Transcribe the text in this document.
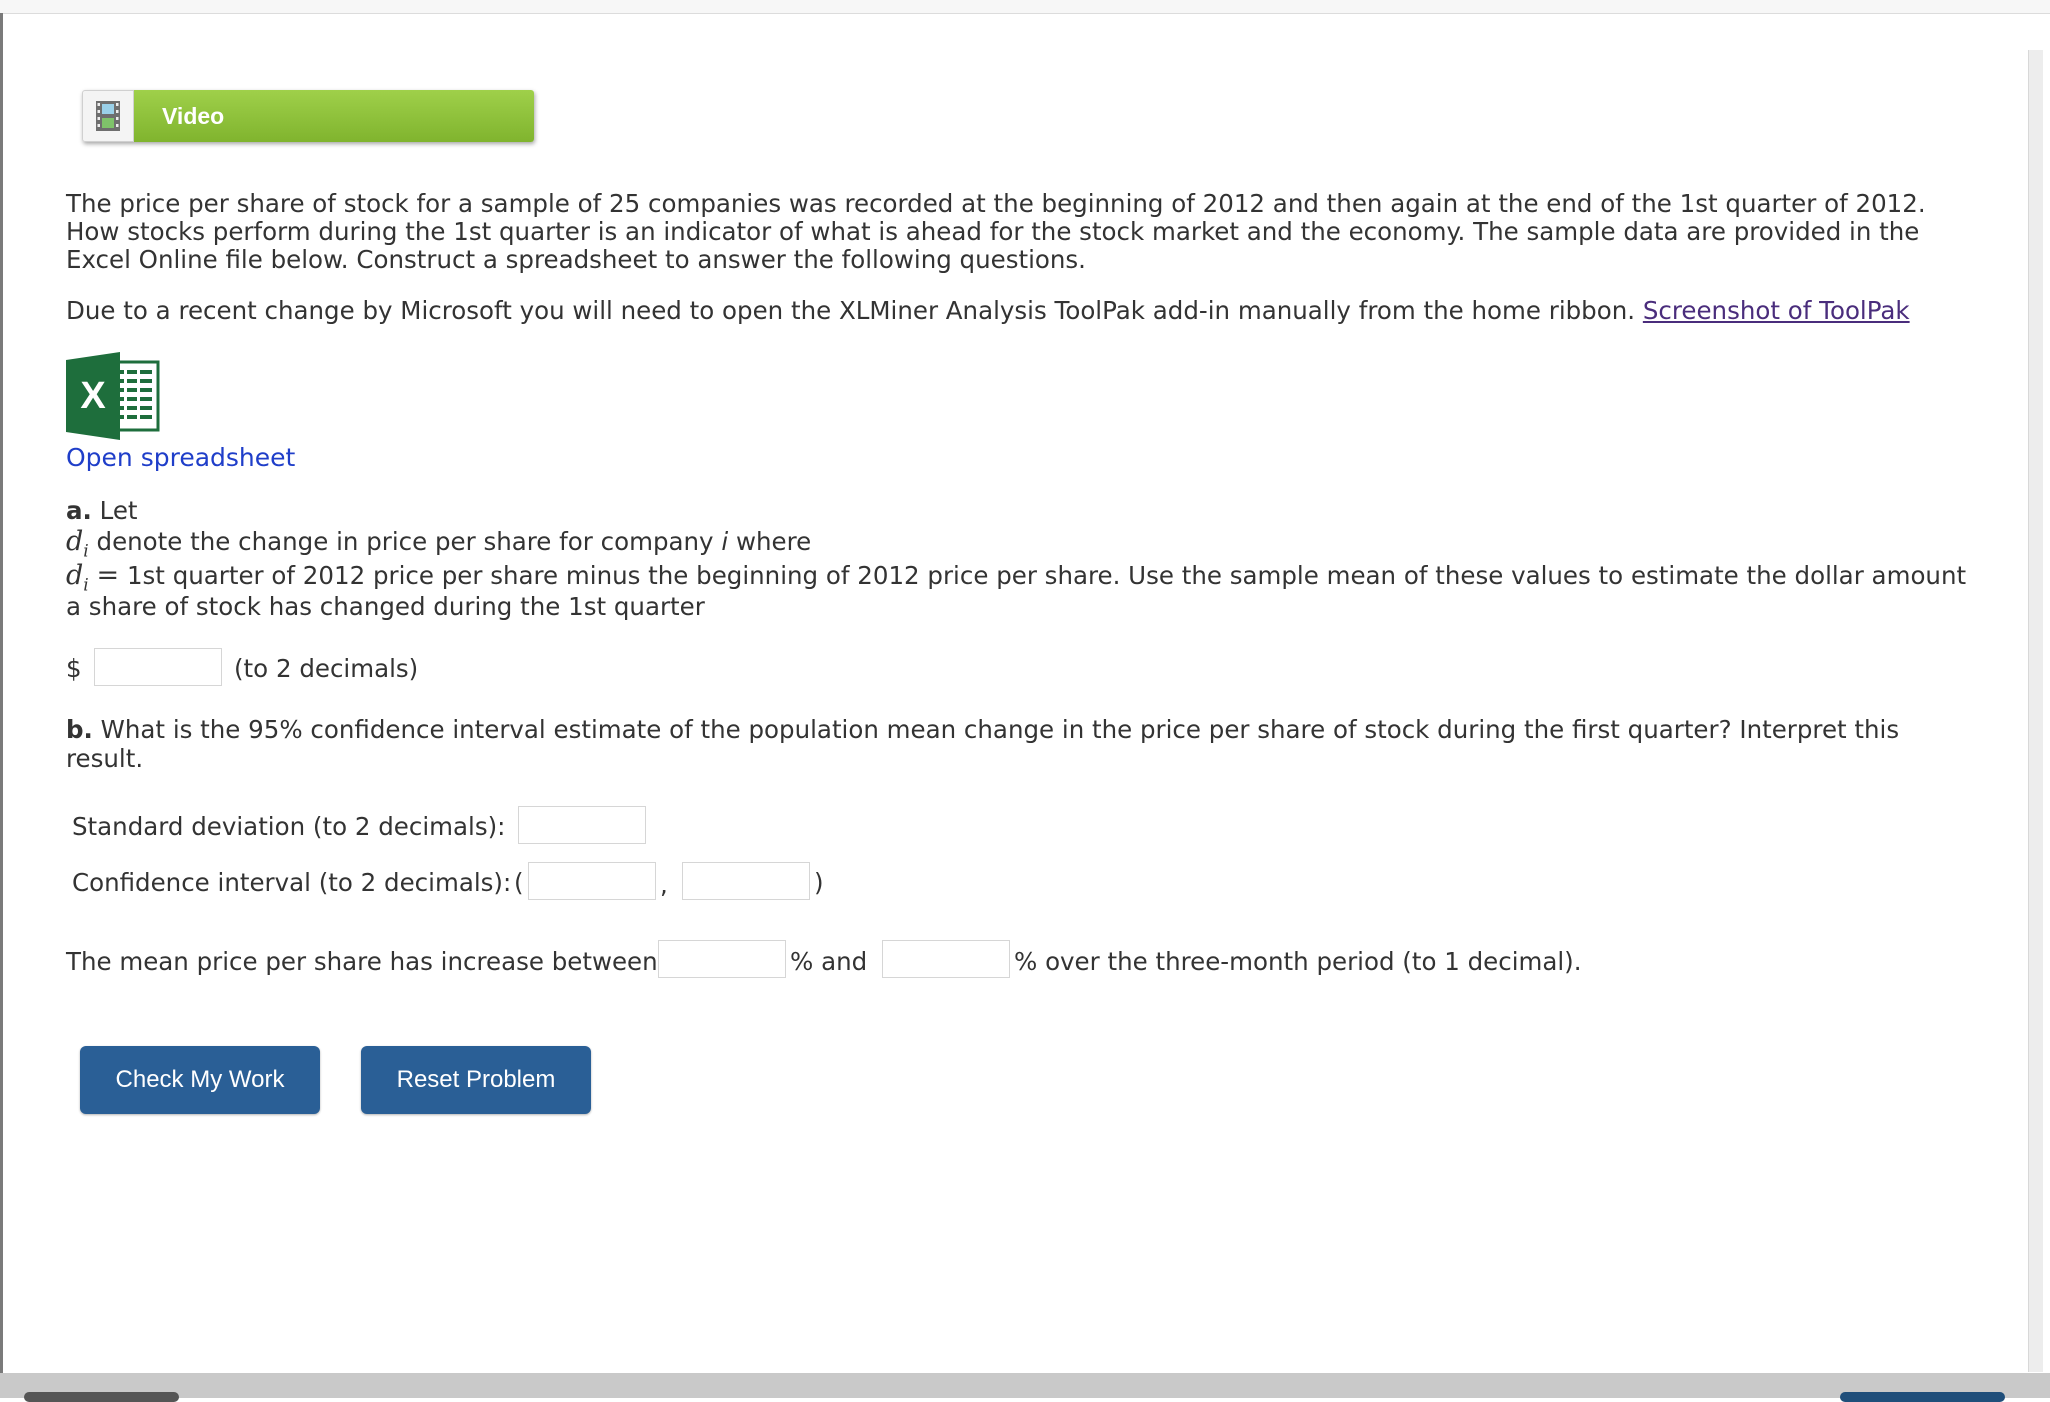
Video

The price per share of stock for a sample of 25 companies was recorded at the beginning of 2012 and then again at the end of the 1st quarter of 2012.
How stocks perform during the 1st quarter is an indicator of what is ahead for the stock market and the economy. The sample data are provided in the
Excel Online file below. Construct a spreadsheet to answer the following questions.

Due to a recent change by Microsoft you will need to open the XLMiner Analysis ToolPak add-in manually from the home ribbon. Screenshot of ToolPak

X
Open spreadsheet
a. Let
$d_i$ denote the change in price per share for company i where
$d_i = 1st$ quarter of 2012 price per share minus the beginning of 2012 price per share. Use the sample mean of these values to estimate the dollar amount
a share of stock has changed during the 1st quarter
$	(to 2 decimals)
b. What is the 95% confidence interval estimate of the population mean change in the price per share of stock during the first quarter? Interpret this
result.
Standard deviation (to 2 decimals):
Confidence interval (to 2 decimals): (	,	)
The mean price per share has increase between	% and	% over the three-month period (to 1 decimal).
Check My Work	Reset Problem
